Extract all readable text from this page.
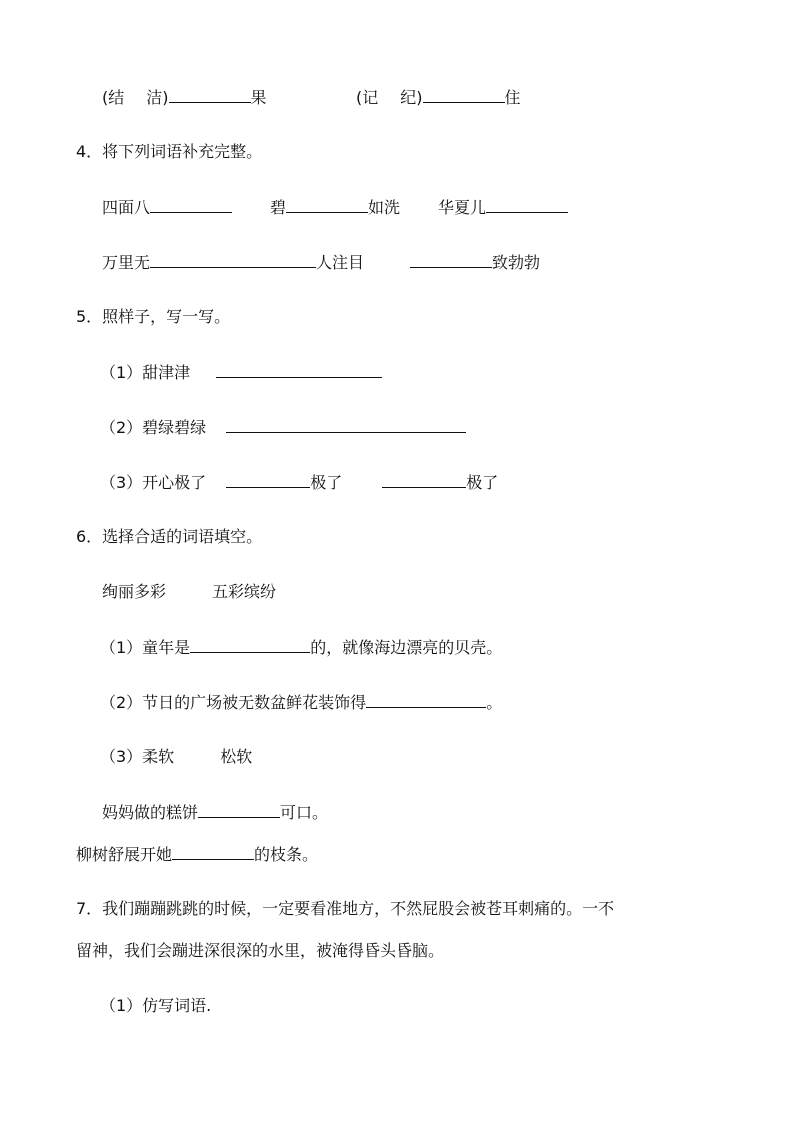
(结 洁)	果	(记 纪)	住
4．将下列词语补充完整。
四面八	碧	如洗 华夏儿
万里无	人注目	致勃勃
5．照样子，写一写。
（1）甜津津
（2）碧绿碧绿
（3）开心极了	极了	极了
6．选择合适的词语填空。
绚丽多彩	五彩缤纷
（1）童年是	的，就像海边漂亮的贝壳。
（2）节日的广场被无数盆鲜花装饰得	。
（3）柔软	松软
妈妈做的糕饼	可口。
柳树舒展开她	的枝条。
7．我们蹦蹦跳跳的时候，一定要看准地方，不然屁股会被苍耳刺痛的。一不
留神，我们会蹦进深很深的水里，被淹得昏头昏脑。
（1）仿写词语.
